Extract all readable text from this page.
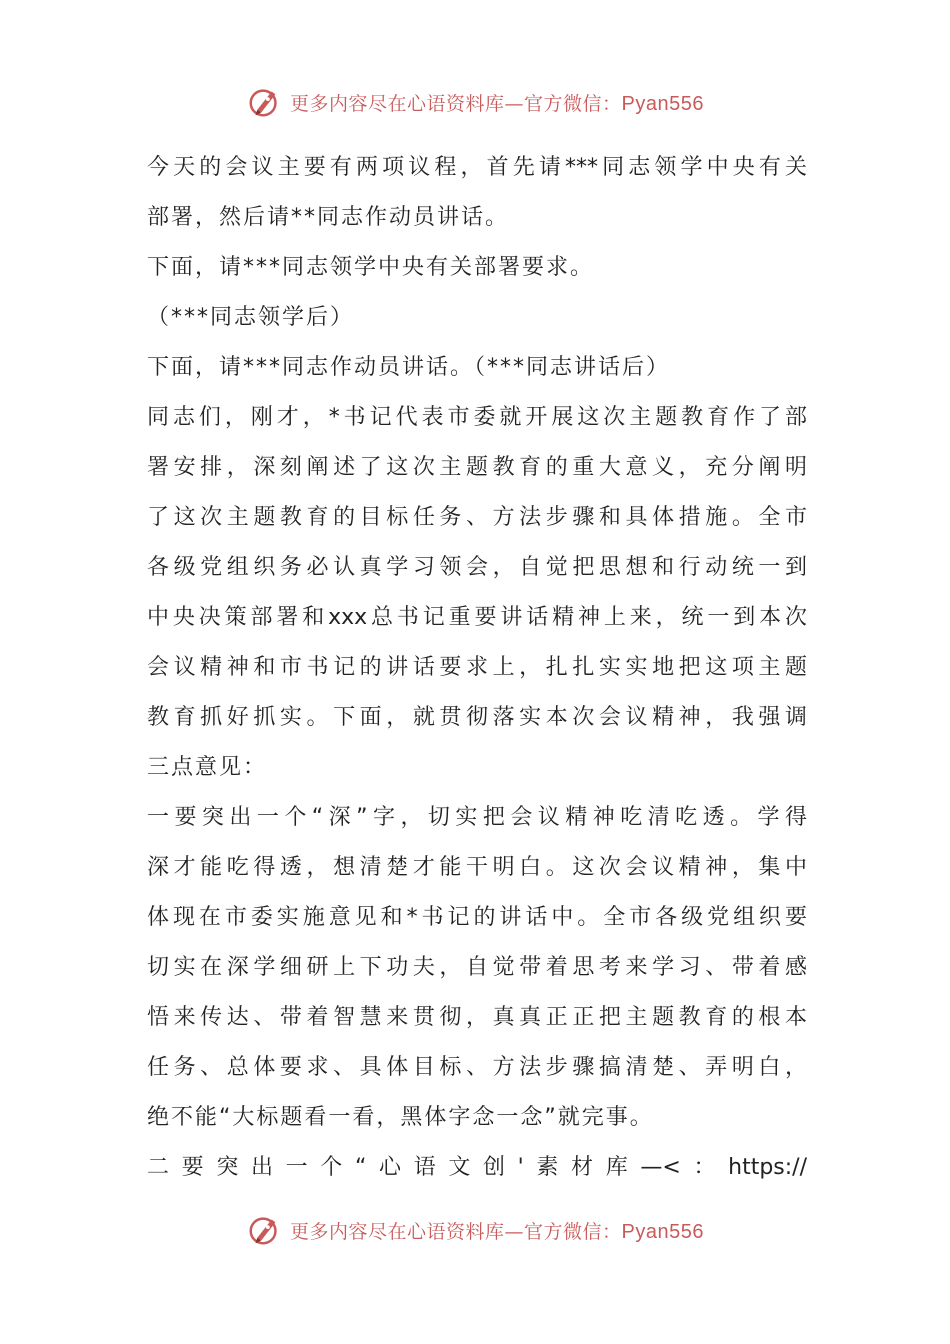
更多内容尽在心语资料库—官方微信：Pyan556
今天的会议主要有两项议程，首先请***同志领学中央有关
部署，然后请**同志作动员讲话。
下面，请***同志领学中央有关部署要求。
（***同志领学后）
下面，请***同志作动员讲话。（***同志讲话后）
同志们，刚才，*书记代表市委就开展这次主题教育作了部
署安排，深刻阐述了这次主题教育的重大意义，充分阐明
了这次主题教育的目标任务、方法步骤和具体措施。全市
各级党组织务必认真学习领会，自觉把思想和行动统一到
中央决策部署和xxx总书记重要讲话精神上来，统一到本次
会议精神和市书记的讲话要求上，扎扎实实地把这项主题
教育抓好抓实。下面，就贯彻落实本次会议精神，我强调
三点意见：
一要突出一个“深”字，切实把会议精神吃清吃透。学得
深才能吃得透，想清楚才能干明白。这次会议精神，集中
体现在市委实施意见和*书记的讲话中。全市各级党组织要
切实在深学细研上下功夫，自觉带着思考来学习、带着感
悟来传达、带着智慧来贯彻，真真正正把主题教育的根本
任务、总体要求、具体目标、方法步骤搞清楚、弄明白，
绝不能“大标题看一看，黑体字念一念”就完事。
二要突出一个“心语文创'素材库—<：https://
更多内容尽在心语资料库—官方微信：Pyan556
